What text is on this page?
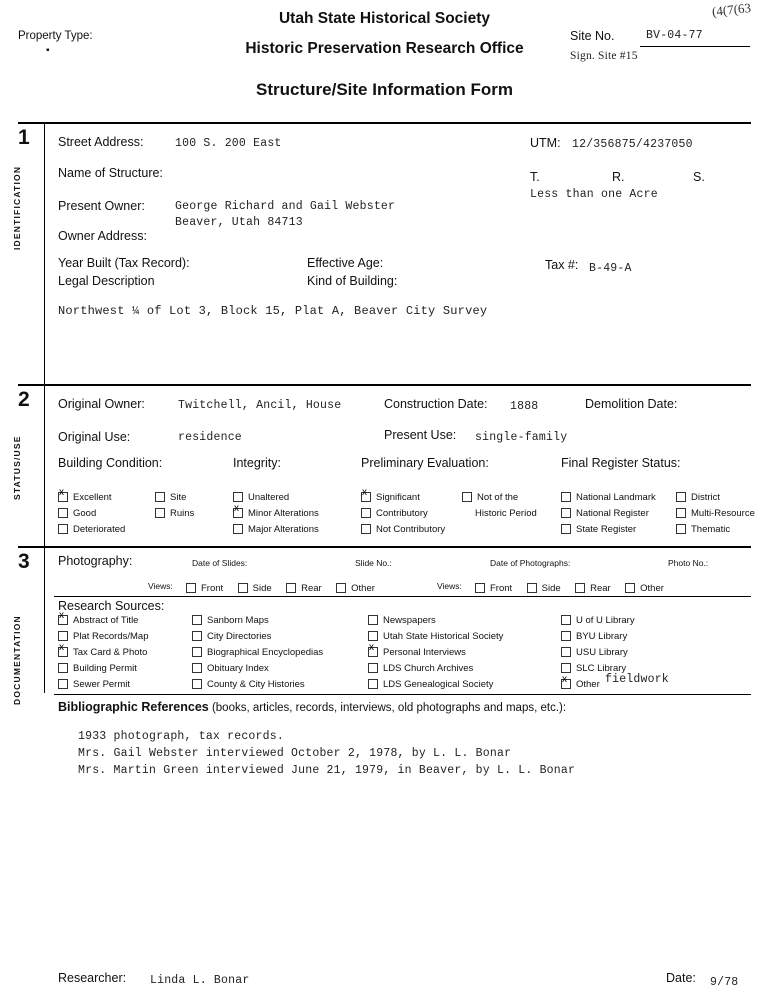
Utah State Historical Society
Historic Preservation Research Office
Structure/Site Information Form
Property Type:
▪
Site No.	BV-04-77
Sign. Site #15
(4(7(63
1
IDENTIFICATION
Street Address:	100 S. 200 East
Name of Structure:
Present Owner:	George Richard and Gail Webster
Owner Address:
Beaver, Utah 84713
Year Built (Tax Record):
Legal Description
Effective Age:
Kind of Building:
Tax #: B-49-A
UTM: 12/356875/4237050
T.	R.	S.
Less than one Acre
Northwest ¼ of Lot 3, Block 15, Plat A, Beaver City Survey
2
STATUS/USE
Original Owner:	Twitchell, Ancil, House	Construction Date: 1888	Demolition Date:
Original Use:	residence	Present Use: single-family
Building Condition:	Integrity:	Preliminary Evaluation:	Final Register Status:
xExcellent
Good
Deteriorated
Site
Ruins
Unaltered
xMinor Alterations
Major Alterations
xSignificant
Contributory
Not Contributory
Not of the
Historic Period
National Landmark
National Register
State Register
District
Multi-Resource
Thematic
3
DOCUMENTATION
Photography:	Date of Slides:	Slide No.:	Date of Photographs:	Photo No.:
Views:	Front	Side	Rear	Other	Views:	Front	Side	Rear	Other
Research Sources:
xAbstract of Title
Plat Records/Map
xTax Card & Photo
Building Permit
Sewer Permit
Sanborn Maps
City Directories
Biographical Encyclopedias
Obituary Index
County & City Histories
Newspapers
Utah State Historical Society
xPersonal Interviews
LDS Church Archives
LDS Genealogical Society
U of U Library
BYU Library
USU Library
SLC Library
xOther fieldwork
Bibliographic References (books, articles, records, interviews, old photographs and maps, etc.):
1933 photograph, tax records.
Mrs. Gail Webster interviewed October 2, 1978, by L. L. Bonar
Mrs. Martin Green interviewed June 21, 1979, in Beaver, by L. L. Bonar
Researcher: Linda L. Bonar	Date: 9/78
